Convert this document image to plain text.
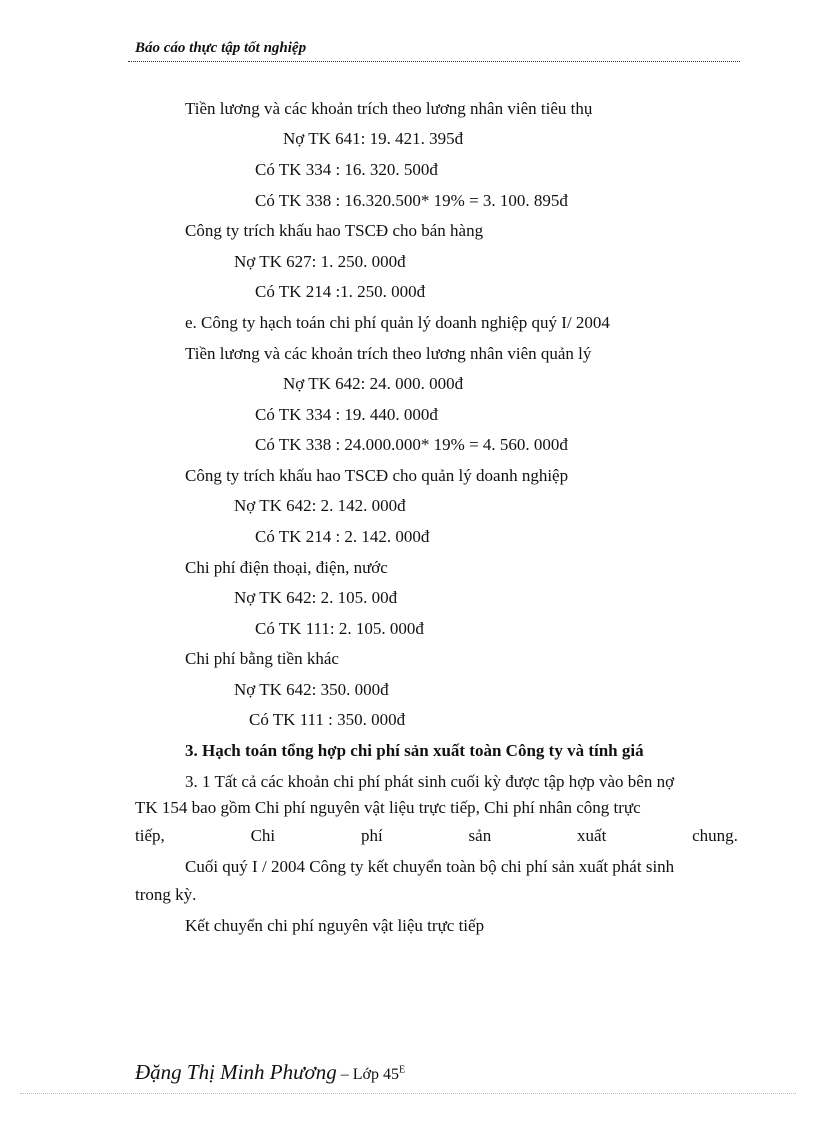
Báo cáo thực tập tốt nghiệp
Tiền lương và các khoản trích theo lương nhân viên tiêu thụ
Nợ TK 641: 19. 421. 395đ
Có TK 334 : 16. 320. 500đ
Có TK 338 : 16.320.500* 19% = 3. 100. 895đ
Công ty trích khấu hao TSCĐ cho bán hàng
Nợ TK 627: 1. 250. 000đ
Có TK 214 :1. 250. 000đ
e. Công ty hạch toán chi phí quản lý doanh nghiệp quý I/ 2004
Tiền lương và các khoản trích theo lương nhân viên quản lý
Nợ TK 642: 24. 000. 000đ
Có TK 334 : 19. 440. 000đ
Có TK 338 : 24.000.000* 19% = 4. 560. 000đ
Công ty trích khấu hao TSCĐ cho quản lý doanh nghiệp
Nợ TK 642: 2. 142. 000đ
Có TK 214 : 2. 142. 000đ
Chi phí điện thoại, điện, nước
Nợ TK 642: 2. 105. 00đ
Có TK 111: 2. 105. 000đ
Chi phí bằng tiền khác
Nợ TK 642: 350. 000đ
Có TK 111 : 350. 000đ
3. Hạch toán tổng hợp chi phí sản xuất toàn Công ty và tính giá
3. 1 Tất cả các khoản chi phí phát sinh cuối kỳ được tập hợp vào bên nợ
TK 154 bao gồm Chi phí nguyên vật liệu trực tiếp, Chi phí nhân công trực
tiếp,	Chi	phí	sản	xuất	chung.
Cuối quý I / 2004 Công ty kết chuyển toàn bộ chi phí sản xuất phát sinh
trong kỳ.
Kết chuyển chi phí nguyên vật liệu trực tiếp
Đặng Thị Minh Phương – Lớp $45^E$
